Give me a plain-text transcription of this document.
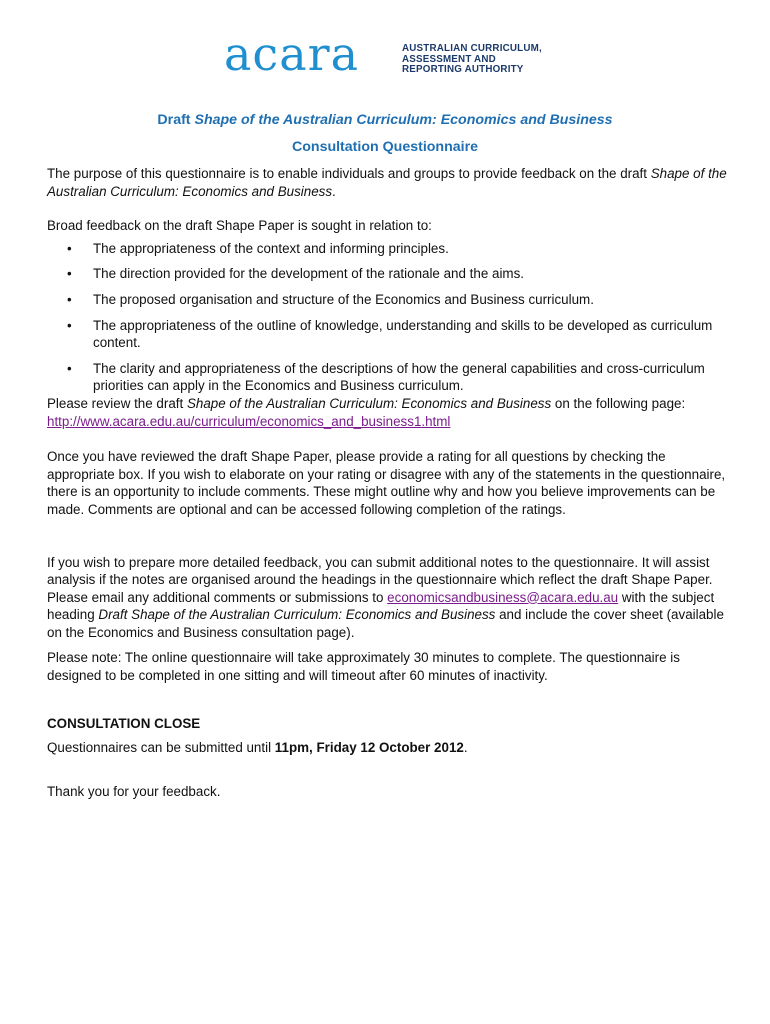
acara	AUSTRALIAN CURRICULUM,
ASSESSMENT AND
REPORTING AUTHORITY
Draft Shape of the Australian Curriculum: Economics and Business
Consultation Questionnaire

The purpose of this questionnaire is to enable individuals and groups to provide feedback on the draft Shape of the Australian Curriculum: Economics and Business.

Broad feedback on the draft Shape Paper is sought in relation to:

• The appropriateness of the context and informing principles.
• The direction provided for the development of the rationale and the aims.
• The proposed organisation and structure of the Economics and Business curriculum.
• The appropriateness of the outline of knowledge, understanding and skills to be developed as curriculum content.
• The clarity and appropriateness of the descriptions of how the general capabilities and cross-curriculum priorities can apply in the Economics and Business curriculum.

Please review the draft Shape of the Australian Curriculum: Economics and Business on the following page: http://www.acara.edu.au/curriculum/economics_and_business1.html

Once you have reviewed the draft Shape Paper, please provide a rating for all questions by checking the appropriate box. If you wish to elaborate on your rating or disagree with any of the statements in the questionnaire, there is an opportunity to include comments. These might outline why and how you believe improvements can be made. Comments are optional and can be accessed following completion of the ratings.

If you wish to prepare more detailed feedback, you can submit additional notes to the questionnaire. It will assist analysis if the notes are organised around the headings in the questionnaire which reflect the draft Shape Paper. Please email any additional comments or submissions to economicsandbusiness@acara.edu.au with the subject heading Draft Shape of the Australian Curriculum: Economics and Business and include the cover sheet (available on the Economics and Business consultation page).

Please note: The online questionnaire will take approximately 30 minutes to complete. The questionnaire is designed to be completed in one sitting and will timeout after 60 minutes of inactivity.

CONSULTATION CLOSE

Questionnaires can be submitted until 11pm, Friday 12 October 2012.

Thank you for your feedback.
